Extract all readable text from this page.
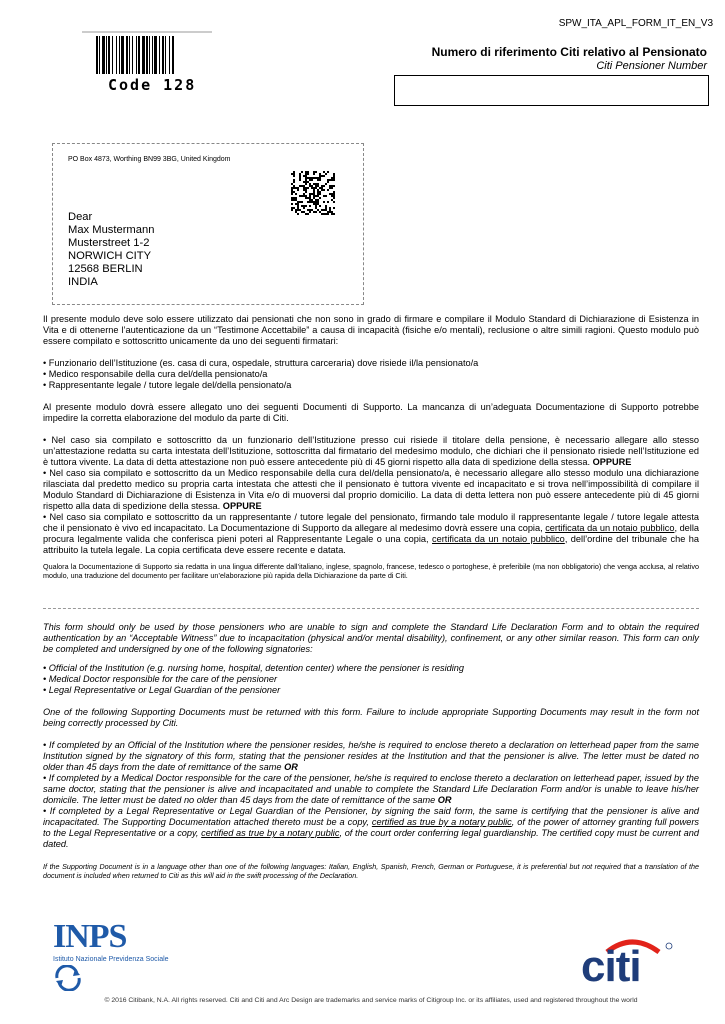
SPW_ITA_APL_FORM_IT_EN_V3
Numero di riferimento Citi relativo al Pensionato
Citi Pensioner Number
Code 128
PO Box 4873, Worthing BN99 3BG, United Kingdom
Dear
Max Mustermann
Musterstreet 1-2
NORWICH CITY
12568 BERLIN
INDIA

Il presente modulo deve solo essere utilizzato dai pensionati che non sono in grado di firmare e compilare il Modulo Standard di Dichiarazione di Esistenza in Vita e di ottenerne l’autenticazione da un “Testimone Accettabile” a causa di incapacità (fisiche e/o mentali), reclusione o altre simili ragioni. Questo modulo può essere compilato e sottoscritto unicamente da uno dei seguenti firmatari:

• Funzionario dell’Istituzione (es. casa di cura, ospedale, struttura carceraria) dove risiede il/la pensionato/a
• Medico responsabile della cura del/della pensionato/a
• Rappresentante legale / tutore legale del/della pensionato/a

Al presente modulo dovrà essere allegato uno dei seguenti Documenti di Supporto. La mancanza di un’adeguata Documentazione di Supporto potrebbe impedire la corretta elaborazione del modulo da parte di Citi.

• Nel caso sia compilato e sottoscritto da un funzionario dell’Istituzione presso cui risiede il titolare della pensione, è necessario allegare allo stesso un’attestazione redatta su carta intestata dell’Istituzione, sottoscritta dal firmatario del medesimo modulo, che dichiari che il pensionato risiede nell’Istituzione ed è tuttora vivente. La data di detta attestazione non può essere antecedente più di 45 giorni rispetto alla data di spedizione della stessa. OPPURE

• Nel caso sia compilato e sottoscritto da un Medico responsabile della cura del/della pensionato/a, è necessario allegare allo stesso modulo una dichiarazione rilasciata dal predetto medico su propria carta intestata che attesti che il pensionato è tuttora vivente ed incapacitato e si trova nell’impossibilità di compilare il Modulo Standard di Dichiarazione di Esistenza in Vita e/o di muoversi dal proprio domicilio. La data di detta lettera non può essere antecedente più di 45 giorni rispetto alla data di spedizione della stessa. OPPURE

• Nel caso sia compilato e sottoscritto da un rappresentante / tutore legale del pensionato, firmando tale modulo il rappresentante legale / tutore legale attesta che il pensionato è vivo ed incapacitato. La Documentazione di Supporto da allegare al medesimo dovrà essere una copia, certificata da un notaio pubblico, della procura legalmente valida che conferisca pieni poteri al Rappresentante Legale o una copia, certificata da un notaio pubblico, dell’ordine del tribunale che ha attribuito la tutela legale. La copia certificata deve essere recente e datata.

Qualora la Documentazione di Supporto sia redatta in una lingua differente dall’italiano, inglese, spagnolo, francese, tedesco o portoghese, è preferibile (ma non obbligatorio) che venga acclusa, al relativo modulo, una traduzione del documento per facilitare un’elaborazione più rapida della Dichiarazione da parte di Citi.

This form should only be used by those pensioners who are unable to sign and complete the Standard Life Declaration Form and to obtain the required authentication by an “Acceptable Witness” due to incapacitation (physical and/or mental disability), confinement, or any other similar reason. This form can only be completed and undersigned by one of the following signatories:

• Official of the Institution (e.g. nursing home, hospital, detention center) where the pensioner is residing
• Medical Doctor responsible for the care of the pensioner
• Legal Representative or Legal Guardian of the pensioner

One of the following Supporting Documents must be returned with this form. Failure to include appropriate Supporting Documents may result in the form not being correctly processed by Citi.

• If completed by an Official of the Institution where the pensioner resides, he/she is required to enclose thereto a declaration on letterhead paper from the same Institution signed by the signatory of this form, stating that the pensioner resides at the Institution and that the pensioner is alive. The letter must be dated no older than 45 days from the date of remittance of the same OR

• If completed by a Medical Doctor responsible for the care of the pensioner, he/she is required to enclose thereto a declaration on letterhead paper, issued by the same doctor, stating that the pensioner is alive and incapacitated and unable to complete the Standard Life Declaration Form and/or is unable to leave his/her domicile. The letter must be dated no older than 45 days from the date of remittance of the same OR

• If completed by a Legal Representative or Legal Guardian of the Pensioner, by signing the said form, the same is certifying that the pensioner is alive and incapacitated. The Supporting Documentation attached thereto must be a copy, certified as true by a notary public, of the power of attorney granting full powers to the Legal Representative or a copy, certified as true by a notary public, of the court order conferring legal guardianship. The certified copy must be current and dated.

If the Supporting Document is in a language other than one of the following languages: Italian, English, Spanish, French, German or Portuguese, it is preferential but not required that a translation of the document is included when returned to Citi as this will aid in the swift processing of the Declaration.

INPS
Istituto Nazionale Previdenza Sociale	citi
© 2016 Citibank, N.A. All rights reserved. Citi and Citi and Arc Design are trademarks and service marks of Citigroup Inc. or its affiliates, used and registered throughout the world
